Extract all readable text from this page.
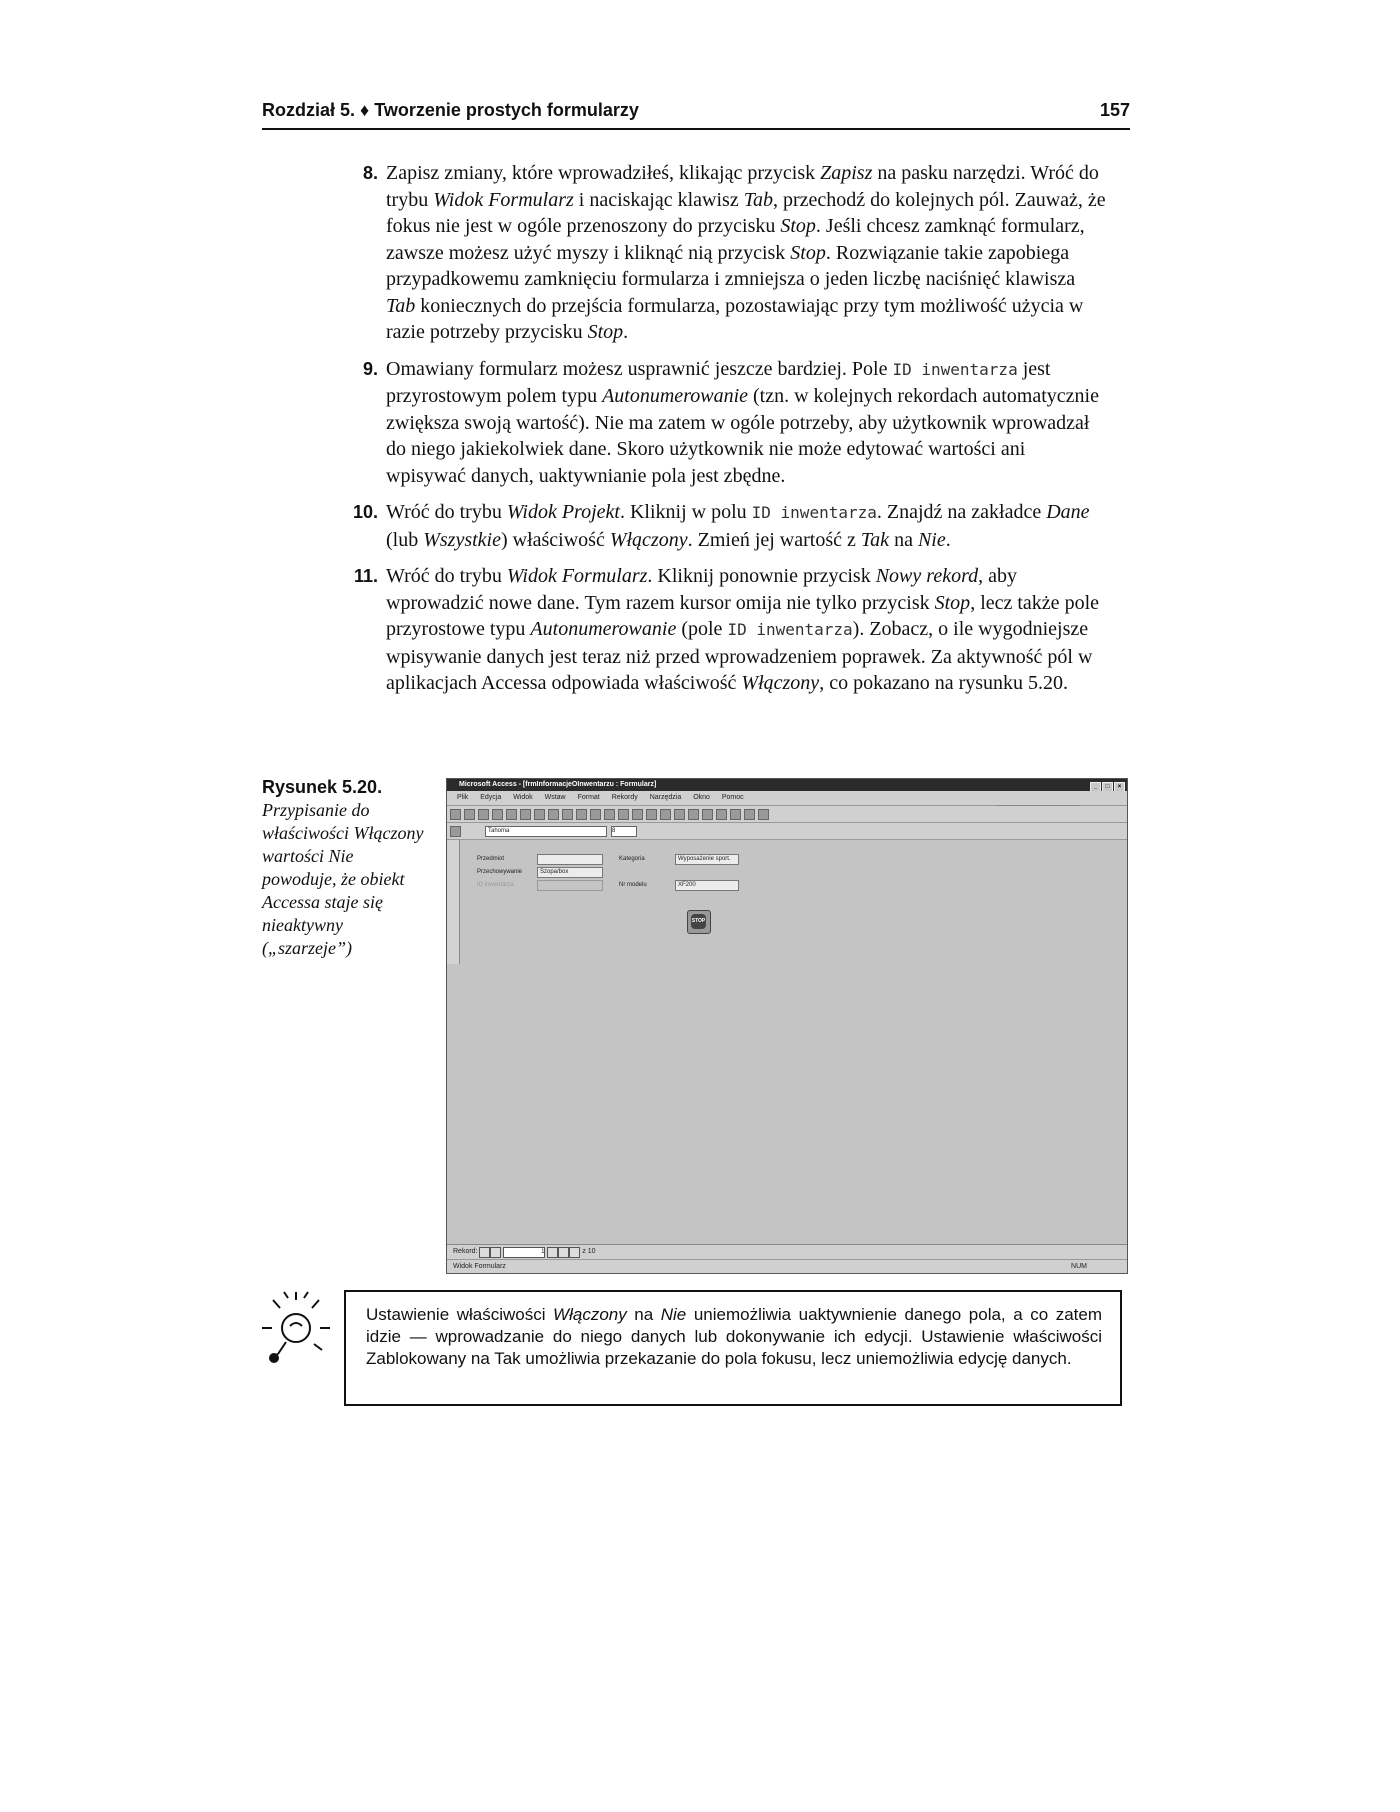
Rozdział 5. ♦ Tworzenie prostych formularzy	157
8. Zapisz zmiany, które wprowadziłeś, klikając przycisk Zapisz na pasku narzędzi. Wróć do trybu Widok Formularz i naciskając klawisz Tab, przechodź do kolejnych pól. Zauważ, że fokus nie jest w ogóle przenoszony do przycisku Stop. Jeśli chcesz zamknąć formularz, zawsze możesz użyć myszy i kliknąć nią przycisk Stop. Rozwiązanie takie zapobiega przypadkowemu zamknięciu formularza i zmniejsza o jeden liczbę naciśnięć klawisza Tab koniecznych do przejścia formularza, pozostawiając przy tym możliwość użycia w razie potrzeby przycisku Stop.
9. Omawiany formularz możesz usprawnić jeszcze bardziej. Pole ID inwentarza jest przyrostowym polem typu Autonumerowanie (tzn. w kolejnych rekordach automatycznie zwiększa swoją wartość). Nie ma zatem w ogóle potrzeby, aby użytkownik wprowadzał do niego jakiekolwiek dane. Skoro użytkownik nie może edytować wartości ani wpisywać danych, uaktywnianie pola jest zbędne.
10. Wróć do trybu Widok Projekt. Kliknij w polu ID inwentarza. Znajdź na zakładce Dane (lub Wszystkie) właściwość Włączony. Zmień jej wartość z Tak na Nie.
11. Wróć do trybu Widok Formularz. Kliknij ponownie przycisk Nowy rekord, aby wprowadzić nowe dane. Tym razem kursor omija nie tylko przycisk Stop, lecz także pole przyrostowe typu Autonumerowanie (pole ID inwentarza). Zobacz, o ile wygodniejsze wpisywanie danych jest teraz niż przed wprowadzeniem poprawek. Za aktywność pól w aplikacjach Accessa odpowiada właściwość Włączony, co pokazano na rysunku 5.20.
Rysunek 5.20.
Przypisanie do właściwości Włączony wartości Nie powoduje, że obiekt Accessa staje się nieaktywny („szarzeje”)
Microsoft Access - [frmInformacjeOInwentarzu : Formularz]	_ □ ×
Plik Edycja Widok Wstaw Format Rekordy Narzędzia Okno Pomoc
Tahoma	8
Przedmiot
Przechowywanie	Szopa/box
ID inwentarza
Kategoria	Wyposażenie sport.
Nr modelu	XF200
STOP
Rekord:	1	z 10
Widok Formularz	NUM
Ustawienie właściwości Włączony na Nie uniemożliwia uaktywnienie danego pola, a co zatem idzie — wprowadzanie do niego danych lub dokonywanie ich edycji. Ustawienie właściwości Zablokowany na Tak umożliwia przekazanie do pola fokusu, lecz uniemożliwia edycję danych.
